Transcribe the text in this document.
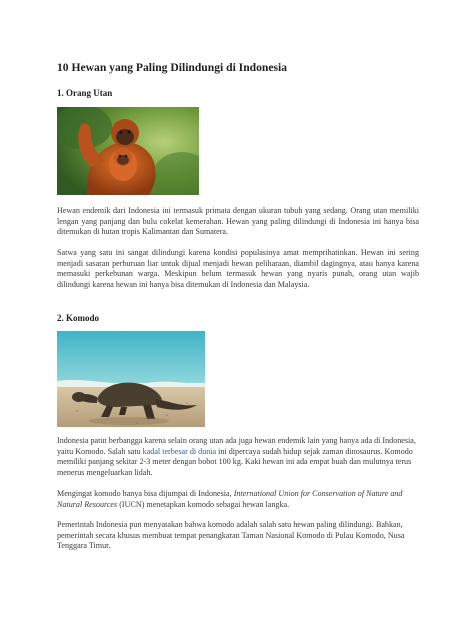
10 Hewan yang Paling Dilindungi di Indonesia
1. Orang Utan

Hewan endemik dari Indonesia ini termasuk primata dengan ukuran tubuh yang sedang. Orang utan memiliki lengan yang panjang dan bulu cokelat kemerahan. Hewan yang paling dilindungi di Indonesia ini hanya bisa ditemukan di hutan tropis Kalimantan dan Sumatera.

Satwa yang satu ini sangat dilindungi karena kondisi populasinya amat memprihatinkan. Hewan ini sering menjadi sasaran perburuan liar untuk dijual menjadi hewan peliharaan, diambil dagingnya, atau hanya karena memasuki perkebunan warga. Meskipun belum termasuk hewan yang nyaris punah, orang utan wajib dilindungi karena hewan ini hanya bisa ditemukan di Indonesia dan Malaysia.

2. Komodo

Indonesia patut berbangga karena selain orang utan ada juga hewan endemik lain yang hanya ada di Indonesia, yaitu Komodo. Salah satu kadal terbesar di dunia ini dipercaya sudah hidup sejak zaman dinosaurus. Komodo memiliki panjang sekitar 2-3 meter dengan bobot 100 kg. Kaki hewan ini ada empat buah dan mulutnya terus menerus mengeluarkan lidah.

Mengingat komodo hanya bisa dijumpai di Indonesia, International Union for Conservation of Nature and Natural Resources (IUCN) menetapkan komodo sebagai hewan langka.

Pemerintah Indonesia pun menyatakan bahwa komodo adalah salah satu hewan paling dilindungi. Bahkan, pemerintah secara khusus membuat tempat penangkaran Taman Nasional Komodo di Pulau Komodo, Nusa Tenggara Timur.
